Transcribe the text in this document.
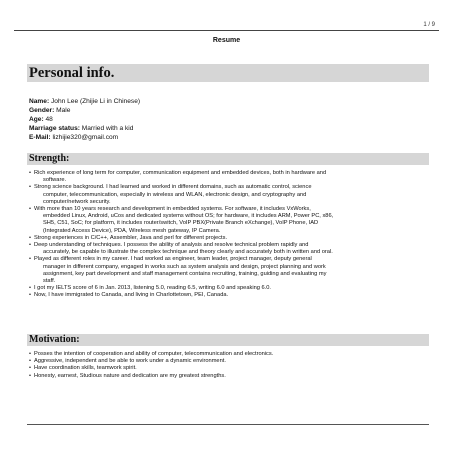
1 / 9
Resume
Personal info.
Name: John Lee (Zhijie Li in Chinese)
Gender: Male
Age: 48
Marriage status: Married with a kid
E-Mail: lizhijie320@gmail.com
Strength:
• Rich experience of long term for computer, communication equipment and embedded devices, both in hardware and
software.
• Strong science background. I had learned and worked in different domains, such as automatic control, science
computer, telecommunication, especially in wireless and WLAN, electronic design, and cryptography and
computer/network security.
• With more than 10 years research and development in embedded systems. For software, it includes VxWorks,
embedded Linux, Android, uCos and dedicated systems without OS; for hardware, it includes ARM, Power PC, x86,
SH5, C51, SoC; for platform, it includes router/switch, VoIP PBX(Private Branch eXchange), VoIP Phone, IAD
(Integrated Access Device), PDA, Wireless mesh gateway, IP Camera.
• Strong experiences in C/C++, Assembler, Java and perl for different projects.
• Deep understanding of techniques. I possess the ability of analysis and resolve technical problem rapidly and
accurately, be capable to illustrate the complex technique and theory clearly and accurately both in written and oral.
• Played as different roles in my career. I had worked as engineer, team leader, project manager, deputy general
manager in different company, engaged in works such as system analysis and design, project planning and work
assignment, key part development and staff management contains recruiting, training, guiding and evaluating my
staff.
• I got my IELTS score of 6 in Jan. 2013, listening 5.0, reading 6.5, writing 6.0 and speaking 6.0.
• Now, I have immigrated to Canada, and living in Charlottetown, PEI, Canada.
Motivation:
• Posses the intention of cooperation and ability of computer, telecommunication and electronics.
• Aggressive, independent and be able to work under a dynamic environment.
• Have coordination skills, teamwork spirit.
• Honesty, earnest, Studious nature and dedication are my greatest strengths.
